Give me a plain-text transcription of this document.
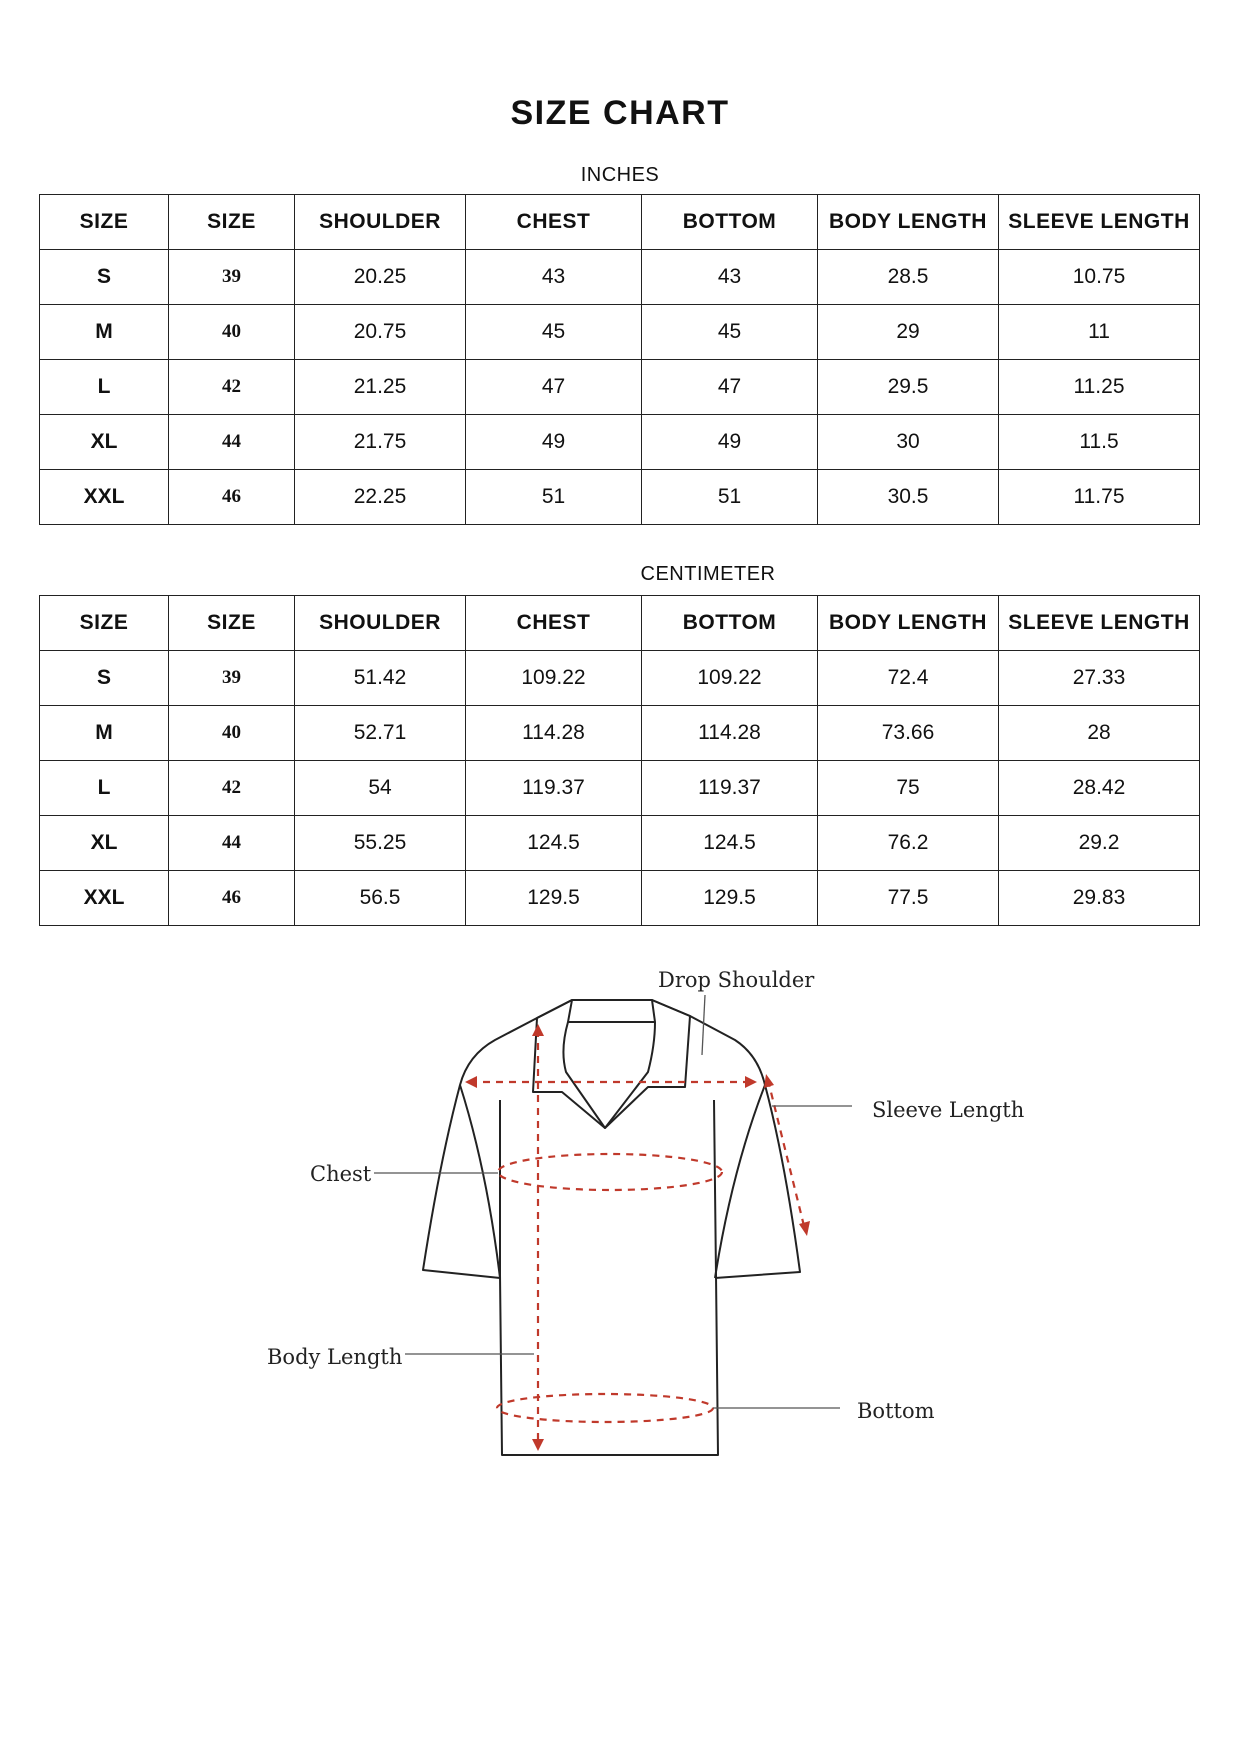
SIZE CHART
INCHES
SIZE	SIZE	SHOULDER	CHEST	BOTTOM	BODY LENGTH	SLEEVE LENGTH
S	39	20.25	43	43	28.5	10.75
M	40	20.75	45	45	29	11
L	42	21.25	47	47	29.5	11.25
XL	44	21.75	49	49	30	11.5
XXL	46	22.25	51	51	30.5	11.75
CENTIMETER
SIZE	SIZE	SHOULDER	CHEST	BOTTOM	BODY LENGTH	SLEEVE LENGTH
S	39	51.42	109.22	109.22	72.4	27.33
M	40	52.71	114.28	114.28	73.66	28
L	42	54	119.37	119.37	75	28.42
XL	44	55.25	124.5	124.5	76.2	29.2
XXL	46	56.5	129.5	129.5	77.5	29.83
Drop Shoulder
Sleeve Length
Chest
Body Length
Bottom
